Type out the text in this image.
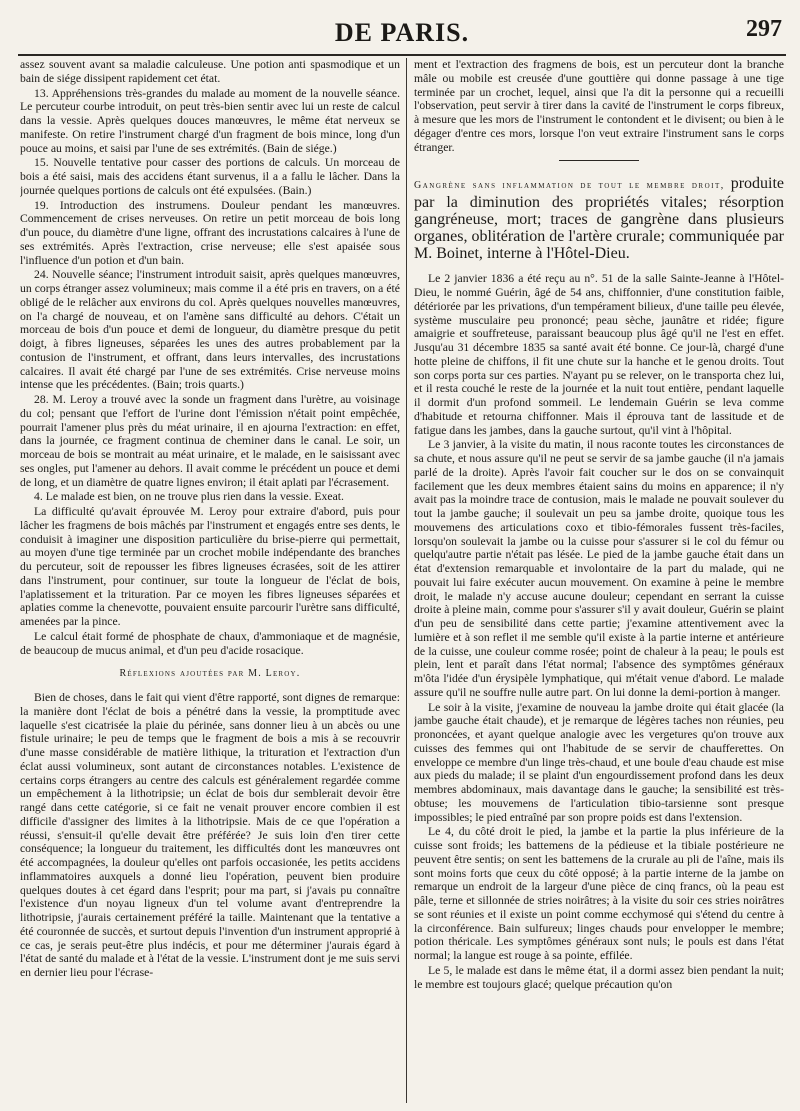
DE PARIS.	297

assez souvent avant sa maladie calculeuse. Une potion anti spasmodique et un bain de siége dissipent rapidement cet état.

13. Appréhensions très-grandes du malade au moment de la nouvelle séance. Le percuteur courbe introduit, on peut très-bien sentir avec lui un reste de calcul dans la vessie. Après quelques douces manœuvres, le même état nerveux se manifeste. On retire l'instrument chargé d'un fragment de bois mince, long d'un pouce au moins, et saisi par l'une de ses extrémités. (Bain de siége.)

15. Nouvelle tentative pour casser des portions de calculs. Un morceau de bois a été saisi, mais des accidens étant survenus, il a a fallu le lâcher. Dans la journée quelques portions de calculs ont été expulsées. (Bain.)

19. Introduction des instrumens. Douleur pendant les manœuvres. Commencement de crises nerveuses. On retire un petit morceau de bois long d'un pouce, du diamètre d'une ligne, offrant des incrustations calcaires à l'une de ses extrémités. Après l'extraction, crise nerveuse; elle s'est apaisée sous l'influence d'un potion et d'un bain.

24. Nouvelle séance; l'instrument introduit saisit, après quelques manœuvres, un corps étranger assez volumineux; mais comme il a été pris en travers, on a été obligé de le relâcher aux environs du col. Après quelques nouvelles manœuvres, on l'a chargé de nouveau, et on l'amène sans difficulté au dehors. C'était un morceau de bois d'un pouce et demi de longueur, du diamètre presque du petit doigt, à fibres ligneuses, séparées les unes des autres probablement par la contusion de l'instrument, et offrant, dans leurs intervalles, des incrustations calcaires. Il avait été chargé par l'une de ses extrémités. Crise nerveuse moins intense que les précédentes. (Bain; trois quarts.)

28. M. Leroy a trouvé avec la sonde un fragment dans l'urètre, au voisinage du col; pensant que l'effort de l'urine dont l'émission n'était point empêchée, pourrait l'amener plus près du méat urinaire, il en ajourna l'extraction: en effet, dans la journée, ce fragment continua de cheminer dans le canal. Le soir, un morceau de bois se montrait au méat urinaire, et le malade, en le saisissant avec ses ongles, put l'amener au dehors. Il avait comme le précédent un pouce et demi de long, et un diamètre de quatre lignes environ; il était aplati par l'écrasement.

4. Le malade est bien, on ne trouve plus rien dans la vessie. Exeat.

La difficulté qu'avait éprouvée M. Leroy pour extraire d'abord, puis pour lâcher les fragmens de bois mâchés par l'instrument et engagés entre ses dents, le conduisit à imaginer une disposition particulière du brise-pierre qui permettait, au moyen d'une tige terminée par un crochet mobile indépendante des branches du percuteur, soit de repousser les fibres ligneuses écrasées, soit de les attirer dans l'instrument, pour continuer, sur toute la longueur de l'éclat de bois, l'aplatissement et la trituration. Par ce moyen les fibres ligneuses séparées et aplaties comme la chenevotte, pouvaient ensuite parcourir l'urètre sans difficulté, amenées par la pince.

Le calcul était formé de phosphate de chaux, d'ammoniaque et de magnésie, de beaucoup de mucus animal, et d'un peu d'acide rosacique.

Réflexions ajoutées par M. Leroy.

Bien de choses, dans le fait qui vient d'être rapporté, sont dignes de remarque: la manière dont l'éclat de bois a pénétré dans la vessie, la promptitude avec laquelle s'est cicatrisée la plaie du périnée, sans donner lieu à un abcès ou une fistule urinaire; le peu de temps que le fragment de bois a mis à se recouvrir d'une masse considérable de matière lithique, la trituration et l'extraction d'un éclat aussi volumineux, sont autant de circonstances notables. L'existence de certains corps étrangers au centre des calculs est généralement regardée comme un empêchement à la lithotripsie; un éclat de bois dur semblerait devoir être rangé dans cette catégorie, si ce fait ne venait prouver encore combien il est difficile d'assigner des limites à la lithotripsie. Mais de ce que l'opération a réussi, s'ensuit-il qu'elle devait être préférée? Je suis loin d'en tirer cette conséquence; la longueur du traitement, les difficultés dont les manœuvres ont été accompagnées, la douleur qu'elles ont parfois occasionée, les petits accidens inflammatoires auxquels a donné lieu l'opération, peuvent bien produire quelques doutes à cet égard dans l'esprit; pour ma part, si j'avais pu connaître l'existence d'un noyau ligneux d'un tel volume avant d'entreprendre la lithotripsie, j'aurais certainement préféré la taille. Maintenant que la tentative a été couronnée de succès, et surtout depuis l'invention d'un instrument approprié à ce cas, je serais peut-être plus indécis, et pour me déterminer j'aurais égard à l'état de santé du malade et à l'état de la vessie. L'instrument dont je me suis servi en dernier lieu pour l'écrase-

ment et l'extraction des fragmens de bois, est un percuteur dont la branche mâle ou mobile est creusée d'une gouttière qui donne passage à une tige terminée par un crochet, lequel, ainsi que l'a dit la personne qui a recueilli l'observation, peut servir à tirer dans la cavité de l'instrument le corps fibreux, à mesure que les mors de l'instrument le contondent et le divisent; ou bien à le dégager d'entre ces mors, lorsque l'on veut extraire l'instrument sans le corps étranger.

Gangrène sans inflammation de tout le membre droit, produite par la diminution des propriétés vitales; résorption gangréneuse, mort; traces de gangrène dans plusieurs organes, oblitération de l'artère crurale; communiquée par M. Boinet, interne à l'Hôtel-Dieu.

Le 2 janvier 1836 a été reçu au n°. 51 de la salle Sainte-Jeanne à l'Hôtel-Dieu, le nommé Guérin, âgé de 54 ans, chiffonnier, d'une constitution faible, détériorée par les privations, d'un tempérament bilieux, d'une taille peu élevée, système musculaire peu prononcé; peau sèche, jaunâtre et ridée; figure amaigrie et souffreteuse, paraissant beaucoup plus âgé qu'il ne l'est en effet. Jusqu'au 31 décembre 1835 sa santé avait été bonne. Ce jour-là, chargé d'une hotte pleine de chiffons, il fit une chute sur la hanche et le genou droits. Tout son corps porta sur ces parties. N'ayant pu se relever, on le transporta chez lui, et il resta couché le reste de la journée et la nuit tout entière, pendant laquelle il dormit d'un profond sommeil. Le lendemain Guérin se leva comme d'habitude et retourna chiffonner. Mais il éprouva tant de lassitude et de fatigue dans les jambes, dans la gauche surtout, qu'il vint à l'hôpital.

Le 3 janvier, à la visite du matin, il nous raconte toutes les circonstances de sa chute, et nous assure qu'il ne peut se servir de sa jambe gauche (il n'a jamais parlé de la droite). Après l'avoir fait coucher sur le dos on se convainquit facilement que les deux membres étaient sains du moins en apparence; il n'y avait pas la moindre trace de contusion, mais le malade ne pouvait soulever du tout la jambe gauche; il soulevait un peu sa jambe droite, quoique tous les mouvemens des articulations coxo et tibio-fémorales fussent très-faciles, lorsqu'on soulevait la jambe ou la cuisse pour s'assurer si le col du fémur ou quelqu'autre partie n'était pas lésée. Le pied de la jambe gauche était dans un état d'extension remarquable et involontaire de la part du malade, qui ne pouvait lui faire exécuter aucun mouvement. On examine à peine le membre droit, le malade n'y accuse aucune douleur; cependant en serrant la cuisse droite à pleine main, comme pour s'assurer s'il y avait douleur, Guérin se plaint d'un peu de sensibilité dans cette partie; j'examine attentivement avec la lumière et à son reflet il me semble qu'il existe à la partie interne et antérieure de la cuisse, une couleur comme rosée; point de chaleur à la peau; le pouls est plein, lent et paraît dans l'état normal; l'absence des symptômes généraux m'ôta l'idée d'un érysipèle lymphatique, qui m'était venue d'abord. Le malade assure qu'il ne souffre nulle autre part. On lui donne la demi-portion à manger.

Le soir à la visite, j'examine de nouveau la jambe droite qui était glacée (la jambe gauche était chaude), et je remarque de légères taches non réunies, peu prononcées, et ayant quelque analogie avec les vergetures qu'on trouve aux cuisses des femmes qui ont l'habitude de se servir de chaufferettes. On enveloppe ce membre d'un linge très-chaud, et une boule d'eau chaude est mise aux pieds du malade; il se plaint d'un engourdissement profond dans les deux membres abdominaux, mais davantage dans le gauche; la sensibilité est très-obtuse; les mouvemens de l'articulation tibio-tarsienne sont presque impossibles; le pied entraîné par son propre poids est dans l'extension.

Le 4, du côté droit le pied, la jambe et la partie la plus inférieure de la cuisse sont froids; les battemens de la pédieuse et la tibiale postérieure ne peuvent être sentis; on sent les battemens de la crurale au pli de l'aîne, mais ils sont moins forts que ceux du côté opposé; à la partie interne de la jambe on remarque un endroit de la largeur d'une pièce de cinq francs, où la peau est pâle, terne et sillonnée de stries noirâtres; à la visite du soir ces stries noirâtres se sont réunies et il existe un point comme ecchymosé qui s'étend du centre à la circonférence. Bain sulfureux; linges chauds pour envelopper le membre; potion théricale. Les symptômes généraux sont nuls; le pouls est dans l'état normal; la langue est rouge à sa pointe, effilée.

Le 5, le malade est dans le même état, il a dormi assez bien pendant la nuit; le membre est toujours glacé; quelque précaution qu'on
